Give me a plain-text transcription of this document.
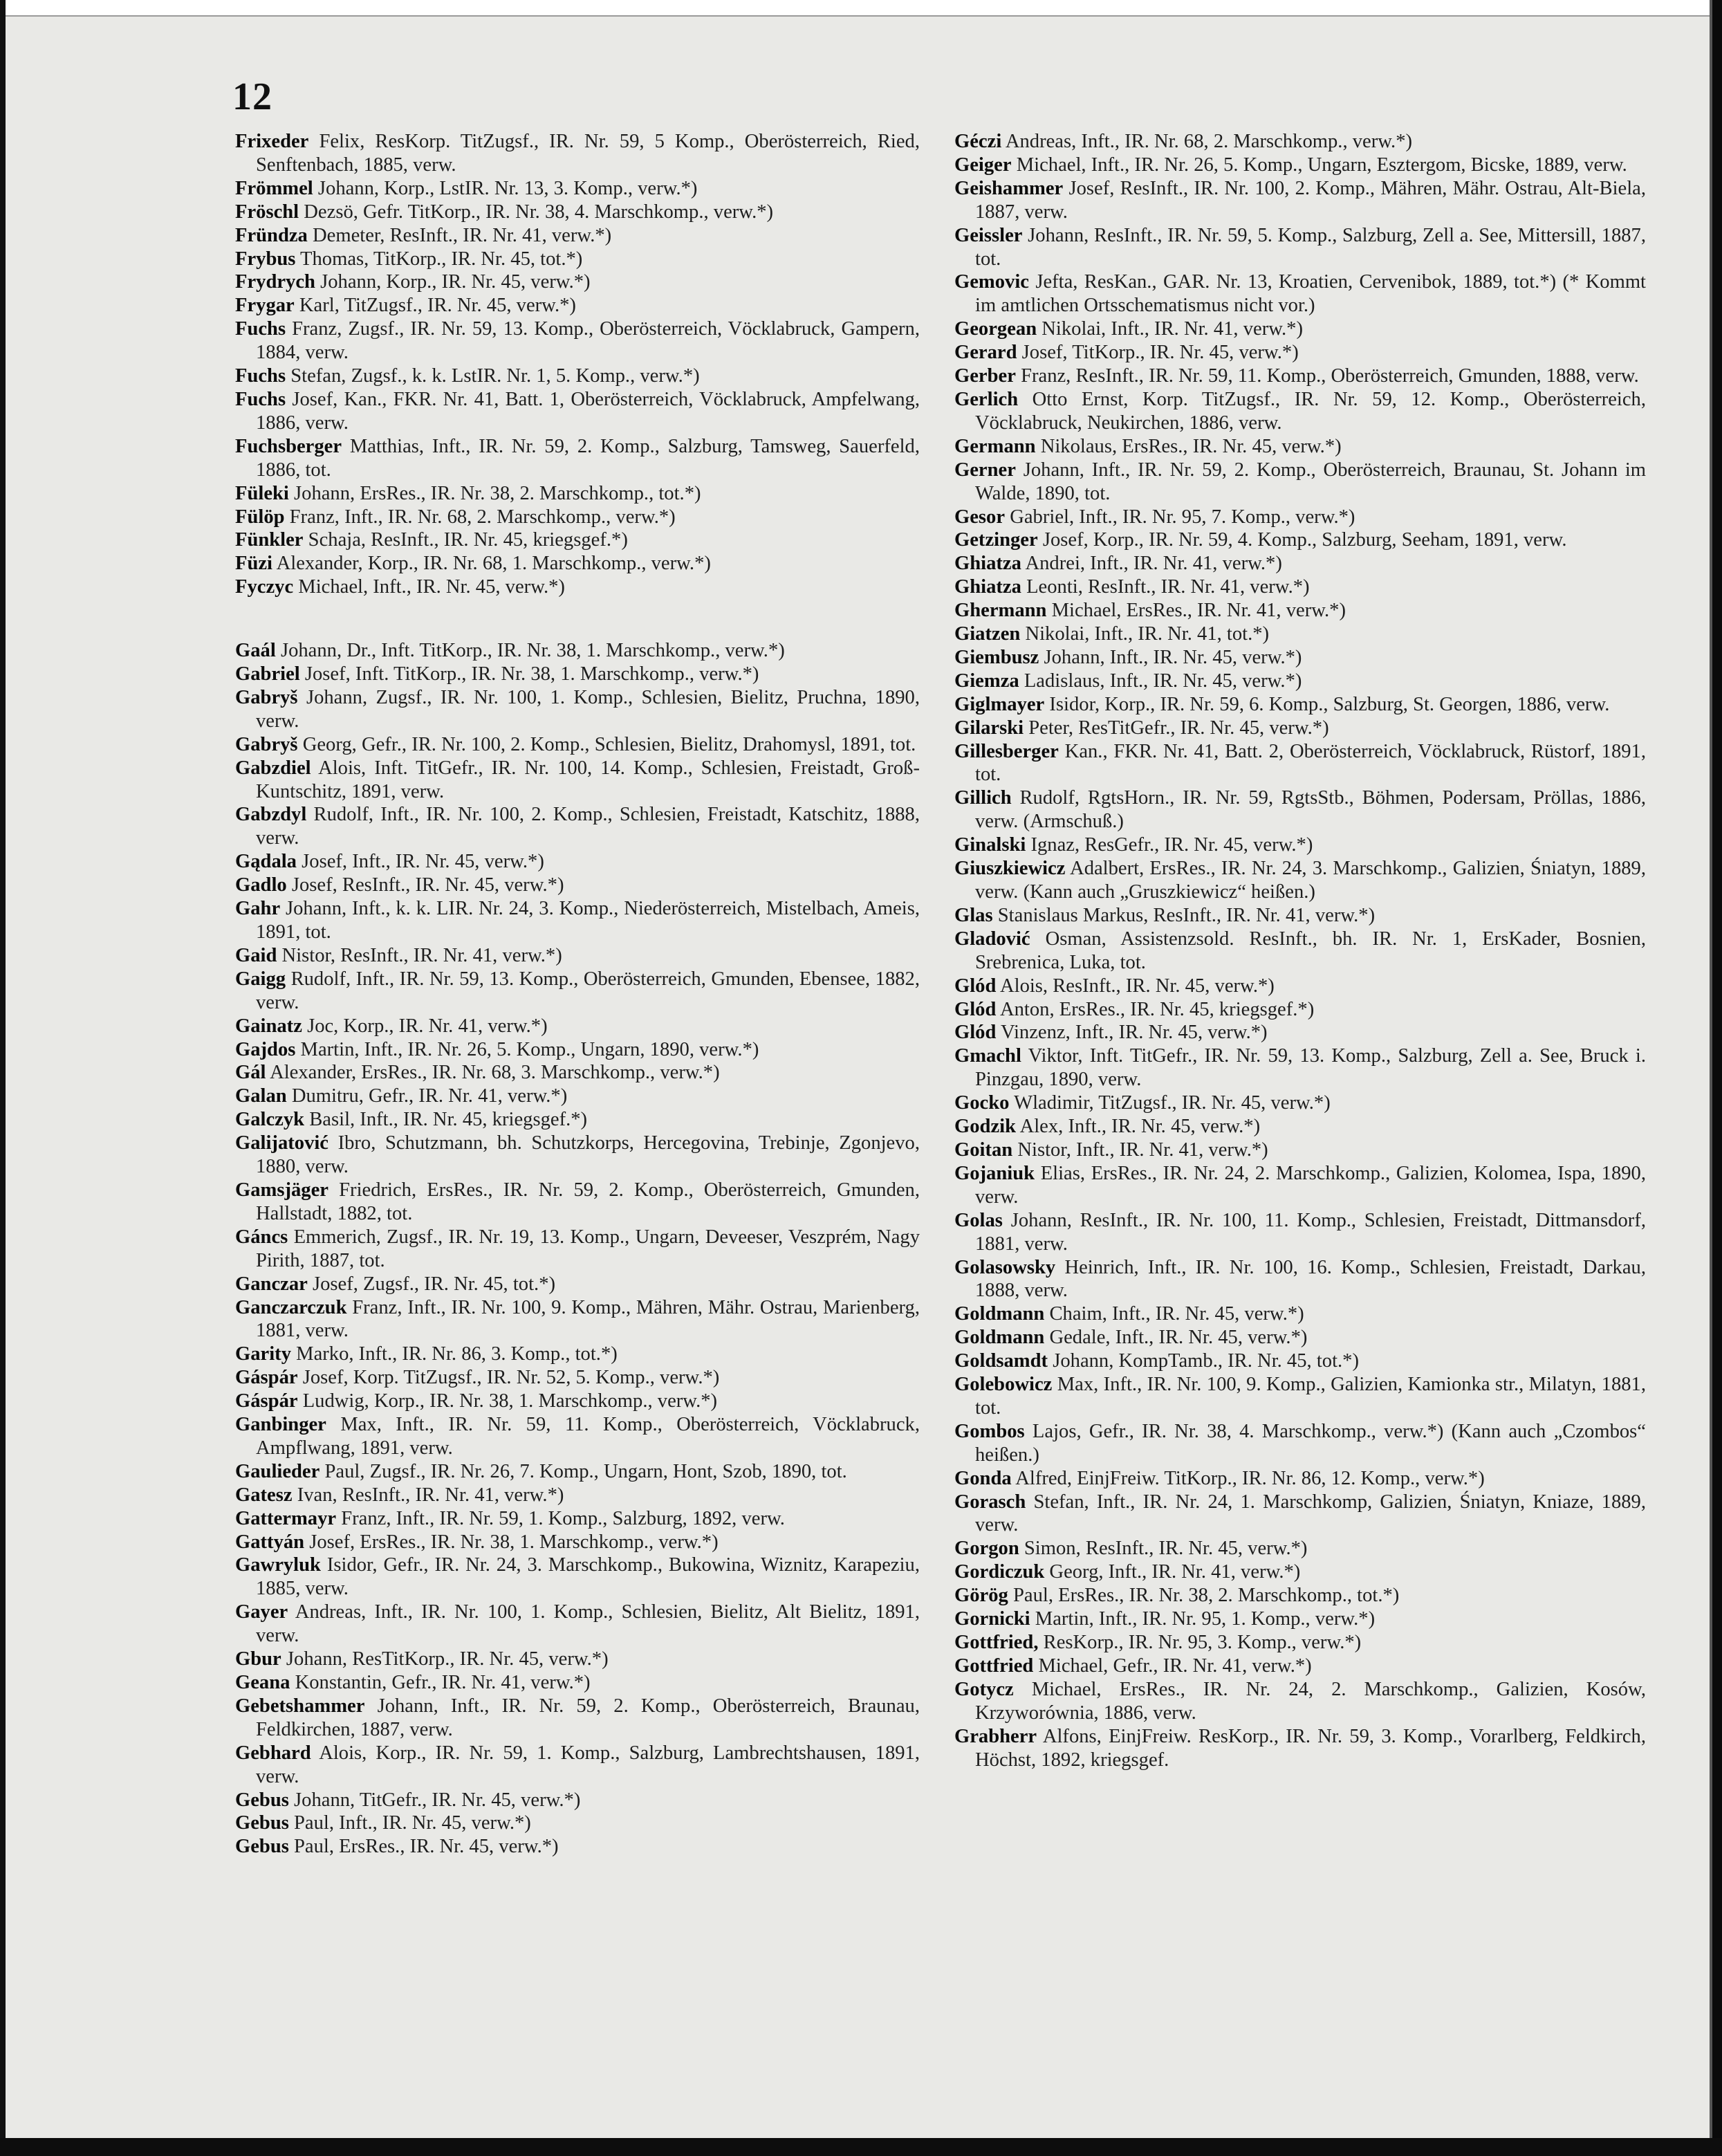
12
Frixeder Felix, ResKorp. TitZugsf., IR. Nr. 59, 5 Komp., Oberösterreich, Ried, Senftenbach, 1885, verw.
Frömmel Johann, Korp., LstIR. Nr. 13, 3. Komp., verw.*)
Fröschl Dezsö, Gefr. TitKorp., IR. Nr. 38, 4. Marschkomp., verw.*)
Fründza Demeter, ResInft., IR. Nr. 41, verw.*)
Frybus Thomas, TitKorp., IR. Nr. 45, tot.*)
Frydrych Johann, Korp., IR. Nr. 45, verw.*)
Frygar Karl, TitZugsf., IR. Nr. 45, verw.*)
Fuchs Franz, Zugsf., IR. Nr. 59, 13. Komp., Oberösterreich, Vöcklabruck, Gampern, 1884, verw.
Fuchs Stefan, Zugsf., k. k. LstIR. Nr. 1, 5. Komp., verw.*)
Fuchs Josef, Kan., FKR. Nr. 41, Batt. 1, Oberösterreich, Vöcklabruck, Ampfelwang, 1886, verw.
Fuchsberger Matthias, Inft., IR. Nr. 59, 2. Komp., Salzburg, Tamsweg, Sauerfeld, 1886, tot.
Füleki Johann, ErsRes., IR. Nr. 38, 2. Marschkomp., tot.*)
Fülöp Franz, Inft., IR. Nr. 68, 2. Marschkomp., verw.*)
Fünkler Schaja, ResInft., IR. Nr. 45, kriegsgef.*)
Füzi Alexander, Korp., IR. Nr. 68, 1. Marschkomp., verw.*)
Fyczyc Michael, Inft., IR. Nr. 45, verw.*)
Gaál Johann, Dr., Inft. TitKorp., IR. Nr. 38, 1. Marschkomp., verw.*)
Gabriel Josef, Inft. TitKorp., IR. Nr. 38, 1. Marschkomp., verw.*)
Gabryš Johann, Zugsf., IR. Nr. 100, 1. Komp., Schlesien, Bielitz, Pruchna, 1890, verw.
Gabryš Georg, Gefr., IR. Nr. 100, 2. Komp., Schlesien, Bielitz, Drahomysl, 1891, tot.
Gabzdiel Alois, Inft. TitGefr., IR. Nr. 100, 14. Komp., Schlesien, Freistadt, Groß-Kuntschitz, 1891, verw.
Gabzdyl Rudolf, Inft., IR. Nr. 100, 2. Komp., Schlesien, Freistadt, Katschitz, 1888, verw.
Gądala Josef, Inft., IR. Nr. 45, verw.*)
Gadlo Josef, ResInft., IR. Nr. 45, verw.*)
Gahr Johann, Inft., k. k. LIR. Nr. 24, 3. Komp., Niederösterreich, Mistelbach, Ameis, 1891, tot.
Gaid Nistor, ResInft., IR. Nr. 41, verw.*)
Gaigg Rudolf, Inft., IR. Nr. 59, 13. Komp., Oberösterreich, Gmunden, Ebensee, 1882, verw.
Gainatz Joc, Korp., IR. Nr. 41, verw.*)
Gajdos Martin, Inft., IR. Nr. 26, 5. Komp., Ungarn, 1890, verw.*)
Gál Alexander, ErsRes., IR. Nr. 68, 3. Marschkomp., verw.*)
Galan Dumitru, Gefr., IR. Nr. 41, verw.*)
Galczyk Basil, Inft., IR. Nr. 45, kriegsgef.*)
Galijatović Ibro, Schutzmann, bh. Schutzkorps, Hercegovina, Trebinje, Zgonjevo, 1880, verw.
Gamsjäger Friedrich, ErsRes., IR. Nr. 59, 2. Komp., Oberösterreich, Gmunden, Hallstadt, 1882, tot.
Gáncs Emmerich, Zugsf., IR. Nr. 19, 13. Komp., Ungarn, Deveeser, Veszprém, Nagy Pirith, 1887, tot.
Ganczar Josef, Zugsf., IR. Nr. 45, tot.*)
Ganczarczuk Franz, Inft., IR. Nr. 100, 9. Komp., Mähren, Mähr. Ostrau, Marienberg, 1881, verw.
Garity Marko, Inft., IR. Nr. 86, 3. Komp., tot.*)
Gáspár Josef, Korp. TitZugsf., IR. Nr. 52, 5. Komp., verw.*)
Gáspár Ludwig, Korp., IR. Nr. 38, 1. Marschkomp., verw.*)
Ganbinger Max, Inft., IR. Nr. 59, 11. Komp., Oberösterreich, Vöcklabruck, Ampflwang, 1891, verw.
Gaulieder Paul, Zugsf., IR. Nr. 26, 7. Komp., Ungarn, Hont, Szob, 1890, tot.
Gatesz Ivan, ResInft., IR. Nr. 41, verw.*)
Gattermayr Franz, Inft., IR. Nr. 59, 1. Komp., Salzburg, 1892, verw.
Gattyán Josef, ErsRes., IR. Nr. 38, 1. Marschkomp., verw.*)
Gawryluk Isidor, Gefr., IR. Nr. 24, 3. Marschkomp., Bukowina, Wiznitz, Karapeziu, 1885, verw.
Gayer Andreas, Inft., IR. Nr. 100, 1. Komp., Schlesien, Bielitz, Alt Bielitz, 1891, verw.
Gbur Johann, ResTitKorp., IR. Nr. 45, verw.*)
Geana Konstantin, Gefr., IR. Nr. 41, verw.*)
Gebetshammer Johann, Inft., IR. Nr. 59, 2. Komp., Oberösterreich, Braunau, Feldkirchen, 1887, verw.
Gebhard Alois, Korp., IR. Nr. 59, 1. Komp., Salzburg, Lambrechtshausen, 1891, verw.
Gebus Johann, TitGefr., IR. Nr. 45, verw.*)
Gebus Paul, Inft., IR. Nr. 45, verw.*)
Gebus Paul, ErsRes., IR. Nr. 45, verw.*)
Géczi Andreas, Inft., IR. Nr. 68, 2. Marschkomp., verw.*)
Geiger Michael, Inft., IR. Nr. 26, 5. Komp., Ungarn, Esztergom, Bicske, 1889, verw.
Geishammer Josef, ResInft., IR. Nr. 100, 2. Komp., Mähren, Mähr. Ostrau, Alt-Biela, 1887, verw.
Geissler Johann, ResInft., IR. Nr. 59, 5. Komp., Salzburg, Zell a. See, Mittersill, 1887, tot.
Gemovic Jefta, ResKan., GAR. Nr. 13, Kroatien, Cervenibok, 1889, tot.*) (* Kommt im amtlichen Ortsschematismus nicht vor.)
Georgean Nikolai, Inft., IR. Nr. 41, verw.*)
Gerard Josef, TitKorp., IR. Nr. 45, verw.*)
Gerber Franz, ResInft., IR. Nr. 59, 11. Komp., Oberösterreich, Gmunden, 1888, verw.
Gerlich Otto Ernst, Korp. TitZugsf., IR. Nr. 59, 12. Komp., Oberösterreich, Vöcklabruck, Neukirchen, 1886, verw.
Germann Nikolaus, ErsRes., IR. Nr. 45, verw.*)
Gerner Johann, Inft., IR. Nr. 59, 2. Komp., Oberösterreich, Braunau, St. Johann im Walde, 1890, tot.
Gesor Gabriel, Inft., IR. Nr. 95, 7. Komp., verw.*)
Getzinger Josef, Korp., IR. Nr. 59, 4. Komp., Salzburg, Seeham, 1891, verw.
Ghiatza Andrei, Inft., IR. Nr. 41, verw.*)
Ghiatza Leonti, ResInft., IR. Nr. 41, verw.*)
Ghermann Michael, ErsRes., IR. Nr. 41, verw.*)
Giatzen Nikolai, Inft., IR. Nr. 41, tot.*)
Giembusz Johann, Inft., IR. Nr. 45, verw.*)
Giemza Ladislaus, Inft., IR. Nr. 45, verw.*)
Giglmayer Isidor, Korp., IR. Nr. 59, 6. Komp., Salzburg, St. Georgen, 1886, verw.
Gilarski Peter, ResTitGefr., IR. Nr. 45, verw.*)
Gillesberger Kan., FKR. Nr. 41, Batt. 2, Oberösterreich, Vöcklabruck, Rüstorf, 1891, tot.
Gillich Rudolf, RgtsHorn., IR. Nr. 59, RgtsStb., Böhmen, Podersam, Pröllas, 1886, verw. (Armschuß.)
Ginalski Ignaz, ResGefr., IR. Nr. 45, verw.*)
Giuszkiewicz Adalbert, ErsRes., IR. Nr. 24, 3. Marschkomp., Galizien, Śniatyn, 1889, verw. (Kann auch „Gruszkiewicz“ heißen.)
Glas Stanislaus Markus, ResInft., IR. Nr. 41, verw.*)
Gladović Osman, Assistenzsold. ResInft., bh. IR. Nr. 1, ErsKader, Bosnien, Srebrenica, Luka, tot.
Glód Alois, ResInft., IR. Nr. 45, verw.*)
Glód Anton, ErsRes., IR. Nr. 45, kriegsgef.*)
Glód Vinzenz, Inft., IR. Nr. 45, verw.*)
Gmachl Viktor, Inft. TitGefr., IR. Nr. 59, 13. Komp., Salzburg, Zell a. See, Bruck i. Pinzgau, 1890, verw.
Gocko Wladimir, TitZugsf., IR. Nr. 45, verw.*)
Godzik Alex, Inft., IR. Nr. 45, verw.*)
Goitan Nistor, Inft., IR. Nr. 41, verw.*)
Gojaniuk Elias, ErsRes., IR. Nr. 24, 2. Marschkomp., Galizien, Kolomea, Ispa, 1890, verw.
Golas Johann, ResInft., IR. Nr. 100, 11. Komp., Schlesien, Freistadt, Dittmansdorf, 1881, verw.
Golasowsky Heinrich, Inft., IR. Nr. 100, 16. Komp., Schlesien, Freistadt, Darkau, 1888, verw.
Goldmann Chaim, Inft., IR. Nr. 45, verw.*)
Goldmann Gedale, Inft., IR. Nr. 45, verw.*)
Goldsamdt Johann, KompTamb., IR. Nr. 45, tot.*)
Golebowicz Max, Inft., IR. Nr. 100, 9. Komp., Galizien, Kamionka str., Milatyn, 1881, tot.
Gombos Lajos, Gefr., IR. Nr. 38, 4. Marschkomp., verw.*) (Kann auch „Czombos“ heißen.)
Gonda Alfred, EinjFreiw. TitKorp., IR. Nr. 86, 12. Komp., verw.*)
Gorasch Stefan, Inft., IR. Nr. 24, 1. Marschkomp, Galizien, Śniatyn, Kniaze, 1889, verw.
Gorgon Simon, ResInft., IR. Nr. 45, verw.*)
Gordiczuk Georg, Inft., IR. Nr. 41, verw.*)
Görög Paul, ErsRes., IR. Nr. 38, 2. Marschkomp., tot.*)
Gornicki Martin, Inft., IR. Nr. 95, 1. Komp., verw.*)
Gottfried, ResKorp., IR. Nr. 95, 3. Komp., verw.*)
Gottfried Michael, Gefr., IR. Nr. 41, verw.*)
Gotycz Michael, ErsRes., IR. Nr. 24, 2. Marschkomp., Galizien, Kosów, Krzyworównia, 1886, verw.
Grabherr Alfons, EinjFreiw. ResKorp., IR. Nr. 59, 3. Komp., Vorarlberg, Feldkirch, Höchst, 1892, kriegsgef.
